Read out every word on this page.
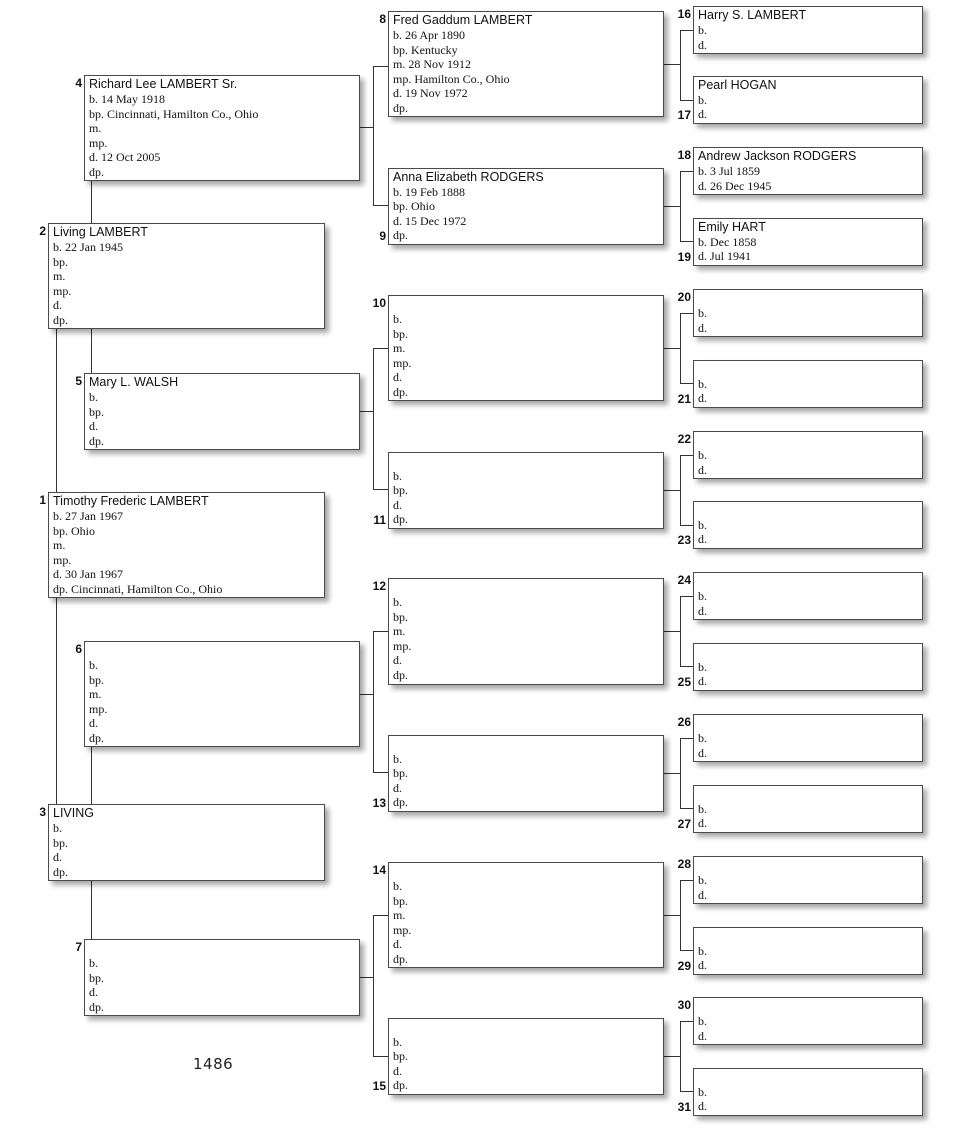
1486
1 Timothy Frederic LAMBERT
b. 27 Jan 1967
bp. Ohio
m.
mp.
d. 30 Jan 1967
dp. Cincinnati, Hamilton Co., Ohio
2 Living LAMBERT
b. 22 Jan 1945
bp.
m.
mp.
d.
dp.
3 LIVING
b.
bp.
d.
dp.
4 Richard Lee LAMBERT Sr.
b. 14 May 1918
bp. Cincinnati, Hamilton Co., Ohio
m.
mp.
d. 12 Oct 2005
dp.
5 Mary L. WALSH
b.
bp.
d.
dp.
6
b.
bp.
m.
mp.
d.
dp.
7
b.
bp.
d.
dp.
8 Fred Gaddum LAMBERT
b. 26 Apr 1890
bp. Kentucky
m. 28 Nov 1912
mp. Hamilton Co., Ohio
d. 19 Nov 1972
dp.
9
Anna Elizabeth RODGERS
b. 19 Feb 1888
bp. Ohio
d. 15 Dec 1972
dp.
10
b.
bp.
m.
mp.
d.
dp.
11
b.
bp.
d.
dp.
12
b.
bp.
m.
mp.
d.
dp.
13
b.
bp.
d.
dp.
14
b.
bp.
m.
mp.
d.
dp.
15
b.
bp.
d.
dp.
16 Harry S. LAMBERT
b.
d.
17
Pearl HOGAN
b.
d.
18 Andrew Jackson RODGERS
b. 3 Jul 1859
d. 26 Dec 1945
19
Emily HART
b. Dec 1858
d. Jul 1941
20
b.
d.
21
b.
d.
22
b.
d.
23
b.
d.
24
b.
d.
25
b.
d.
26
b.
d.
27
b.
d.
28
b.
d.
29
b.
d.
30
b.
d.
31
b.
d.
